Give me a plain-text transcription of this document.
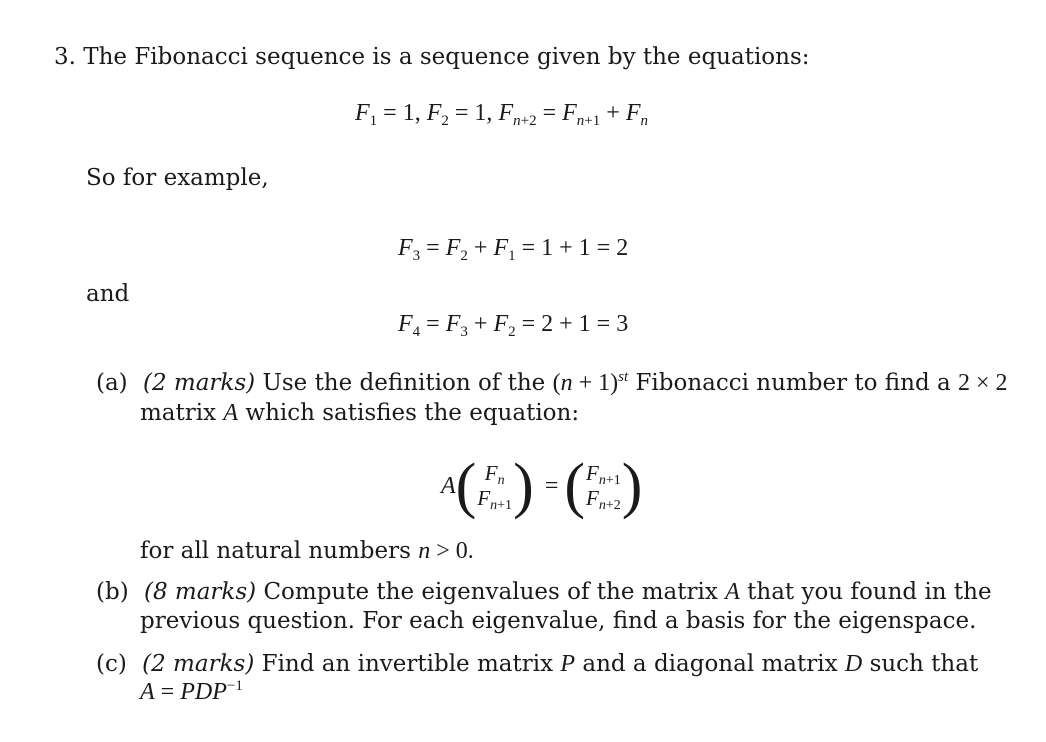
3. The Fibonacci sequence is a sequence given by the equations:
$F_1 = 1$, $F_2 = 1$, $F_{n+2} = F_{n+1} + F_n$
So for example,
$F_3 = F_2 + F_1 = 1 + 1 = 2$
and
$F_4 = F_3 + F_2 = 2 + 1 = 3$
(a) (2 marks) Use the definition of the $(n + 1)^{st}$ Fibonacci number to find a 2 × 2
matrix A which satisfies the equation:
A( $F_n$
$F_{n+1}$ ) =( $F_{n+1}$
$F_{n+2}$ )
for all natural numbers n > 0.
(b) (8 marks) Compute the eigenvalues of the matrix A that you found in the
previous question. For each eigenvalue, find a basis for the eigenspace.
(c) (2 marks) Find an invertible matrix P and a diagonal matrix D such that
$A = PDP^{-1}$
